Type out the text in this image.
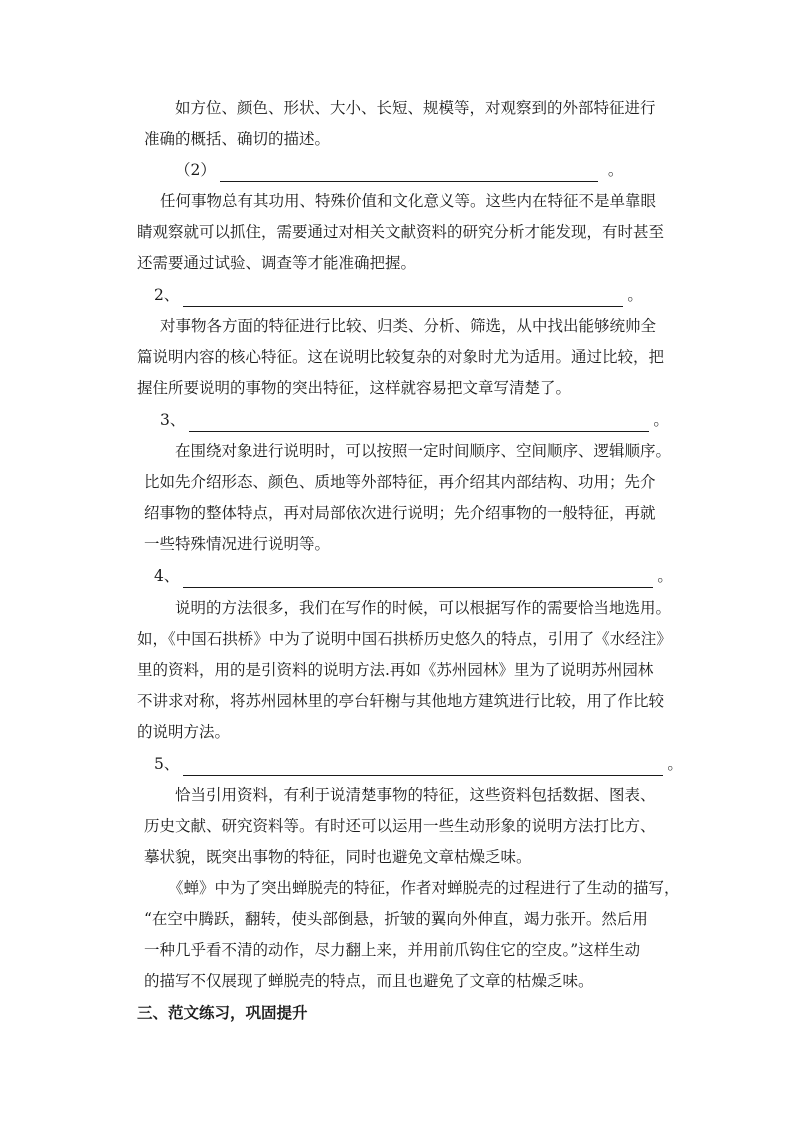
如方位、颜色、形状、大小、长短、规模等，对观察到的外部特征进行
准确的概括、确切的描述。
（2）	。
任何事物总有其功用、特殊价值和文化意义等。这些内在特征不是单靠眼
睛观察就可以抓住，需要通过对相关文献资料的研究分析才能发现，有时甚至
还需要通过试验、调查等才能准确把握。
2、	。
对事物各方面的特征进行比较、归类、分析、筛选，从中找出能够统帅全
篇说明内容的核心特征。这在说明比较复杂的对象时尤为适用。通过比较，把
握住所要说明的事物的突出特征，这样就容易把文章写清楚了。
3、	。
在围绕对象进行说明时，可以按照一定时间顺序、空间顺序、逻辑顺序。
比如先介绍形态、颜色、质地等外部特征，再介绍其内部结构、功用；先介
绍事物的整体特点，再对局部依次进行说明；先介绍事物的一般特征，再就
一些特殊情况进行说明等。
4、	。
说明的方法很多，我们在写作的时候，可以根据写作的需要恰当地选用。
如，《中国石拱桥》中为了说明中国石拱桥历史悠久的特点，引用了《水经注》
里的资料，用的是引资料的说明方法.再如《苏州园林》里为了说明苏州园林
不讲求对称，将苏州园林里的亭台轩榭与其他地方建筑进行比较，用了作比较
的说明方法。
5、	。
恰当引用资料，有利于说清楚事物的特征，这些资料包括数据、图表、
历史文献、研究资料等。有时还可以运用一些生动形象的说明方法打比方、
摹状貌，既突出事物的特征，同时也避免文章枯燥乏味。
《蝉》中为了突出蝉脱壳的特征，作者对蝉脱壳的过程进行了生动的描写，
“在空中腾跃，翻转，使头部倒悬，折皱的翼向外伸直，竭力张开。然后用
一种几乎看不清的动作，尽力翻上来，并用前爪钩住它的空皮。”这样生动
的描写不仅展现了蝉脱壳的特点，而且也避免了文章的枯燥乏味。
三、范文练习，巩固提升
